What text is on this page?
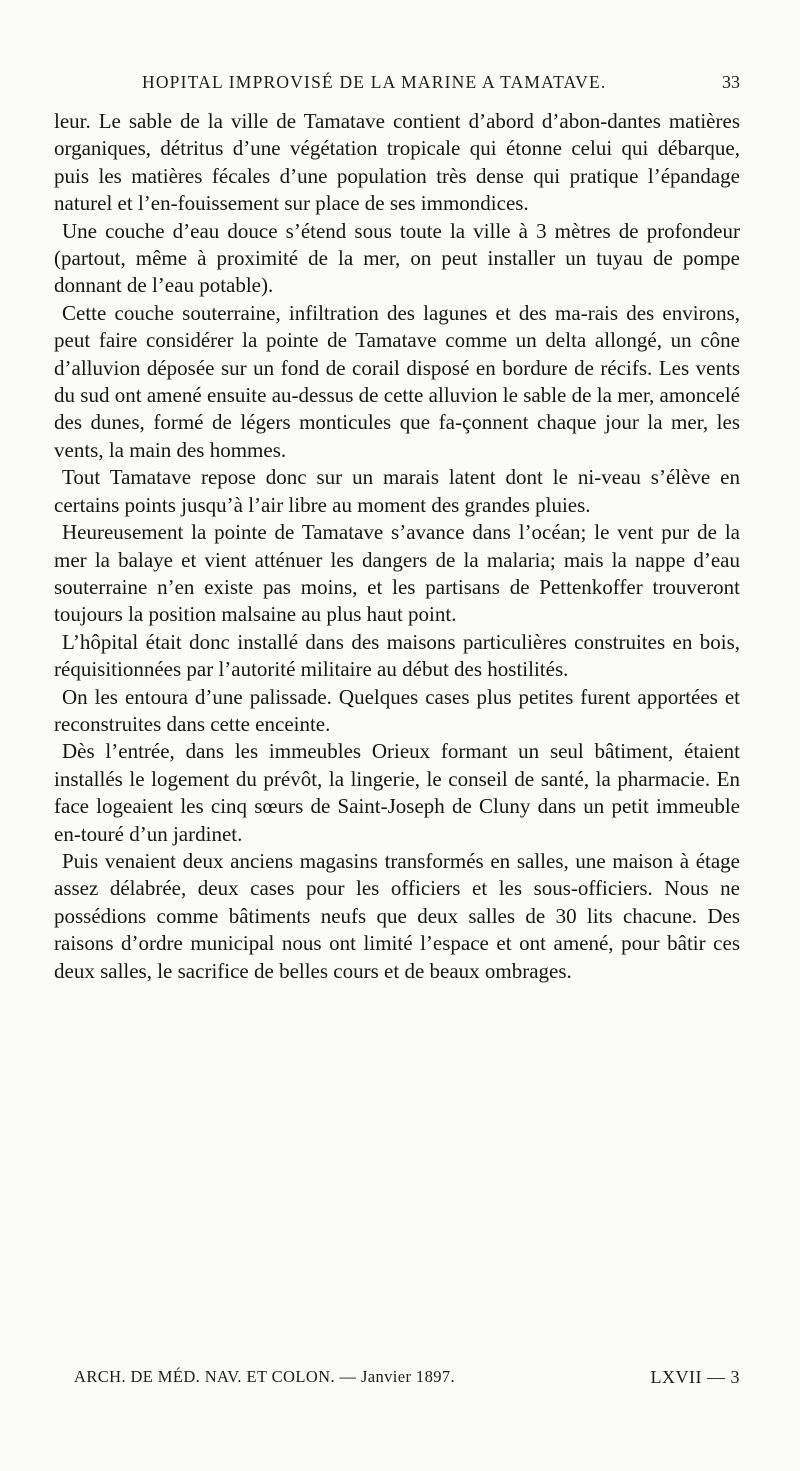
HOPITAL IMPROVISÉ DE LA MARINE A TAMATAVE.	33

leur. Le sable de la ville de Tamatave contient d’abord d’abon-dantes matières organiques, détritus d’une végétation tropicale qui étonne celui qui débarque, puis les matières fécales d’une population très dense qui pratique l’épandage naturel et l’en-fouissement sur place de ses immondices.

Une couche d’eau douce s’étend sous toute la ville à 3 mètres de profondeur (partout, même à proximité de la mer, on peut installer un tuyau de pompe donnant de l’eau potable).

Cette couche souterraine, infiltration des lagunes et des ma-rais des environs, peut faire considérer la pointe de Tamatave comme un delta allongé, un cône d’alluvion déposée sur un fond de corail disposé en bordure de récifs. Les vents du sud ont amené ensuite au-dessus de cette alluvion le sable de la mer, amoncelé des dunes, formé de légers monticules que fa-çonnent chaque jour la mer, les vents, la main des hommes.

Tout Tamatave repose donc sur un marais latent dont le ni-veau s’élève en certains points jusqu’à l’air libre au moment des grandes pluies.

Heureusement la pointe de Tamatave s’avance dans l’océan; le vent pur de la mer la balaye et vient atténuer les dangers de la malaria; mais la nappe d’eau souterraine n’en existe pas moins, et les partisans de Pettenkoffer trouveront toujours la position malsaine au plus haut point.

L’hôpital était donc installé dans des maisons particulières construites en bois, réquisitionnées par l’autorité militaire au début des hostilités.

On les entoura d’une palissade. Quelques cases plus petites furent apportées et reconstruites dans cette enceinte.

Dès l’entrée, dans les immeubles Orieux formant un seul bâtiment, étaient installés le logement du prévôt, la lingerie, le conseil de santé, la pharmacie. En face logeaient les cinq sœurs de Saint-Joseph de Cluny dans un petit immeuble en-touré d’un jardinet.

Puis venaient deux anciens magasins transformés en salles, une maison à étage assez délabrée, deux cases pour les officiers et les sous-officiers. Nous ne possédions comme bâtiments neufs que deux salles de 30 lits chacune. Des raisons d’ordre municipal nous ont limité l’espace et ont amené, pour bâtir ces deux salles, le sacrifice de belles cours et de beaux ombrages.

ARCH. DE MÉD. NAV. ET COLON. — Janvier 1897.	LXVII — 3
